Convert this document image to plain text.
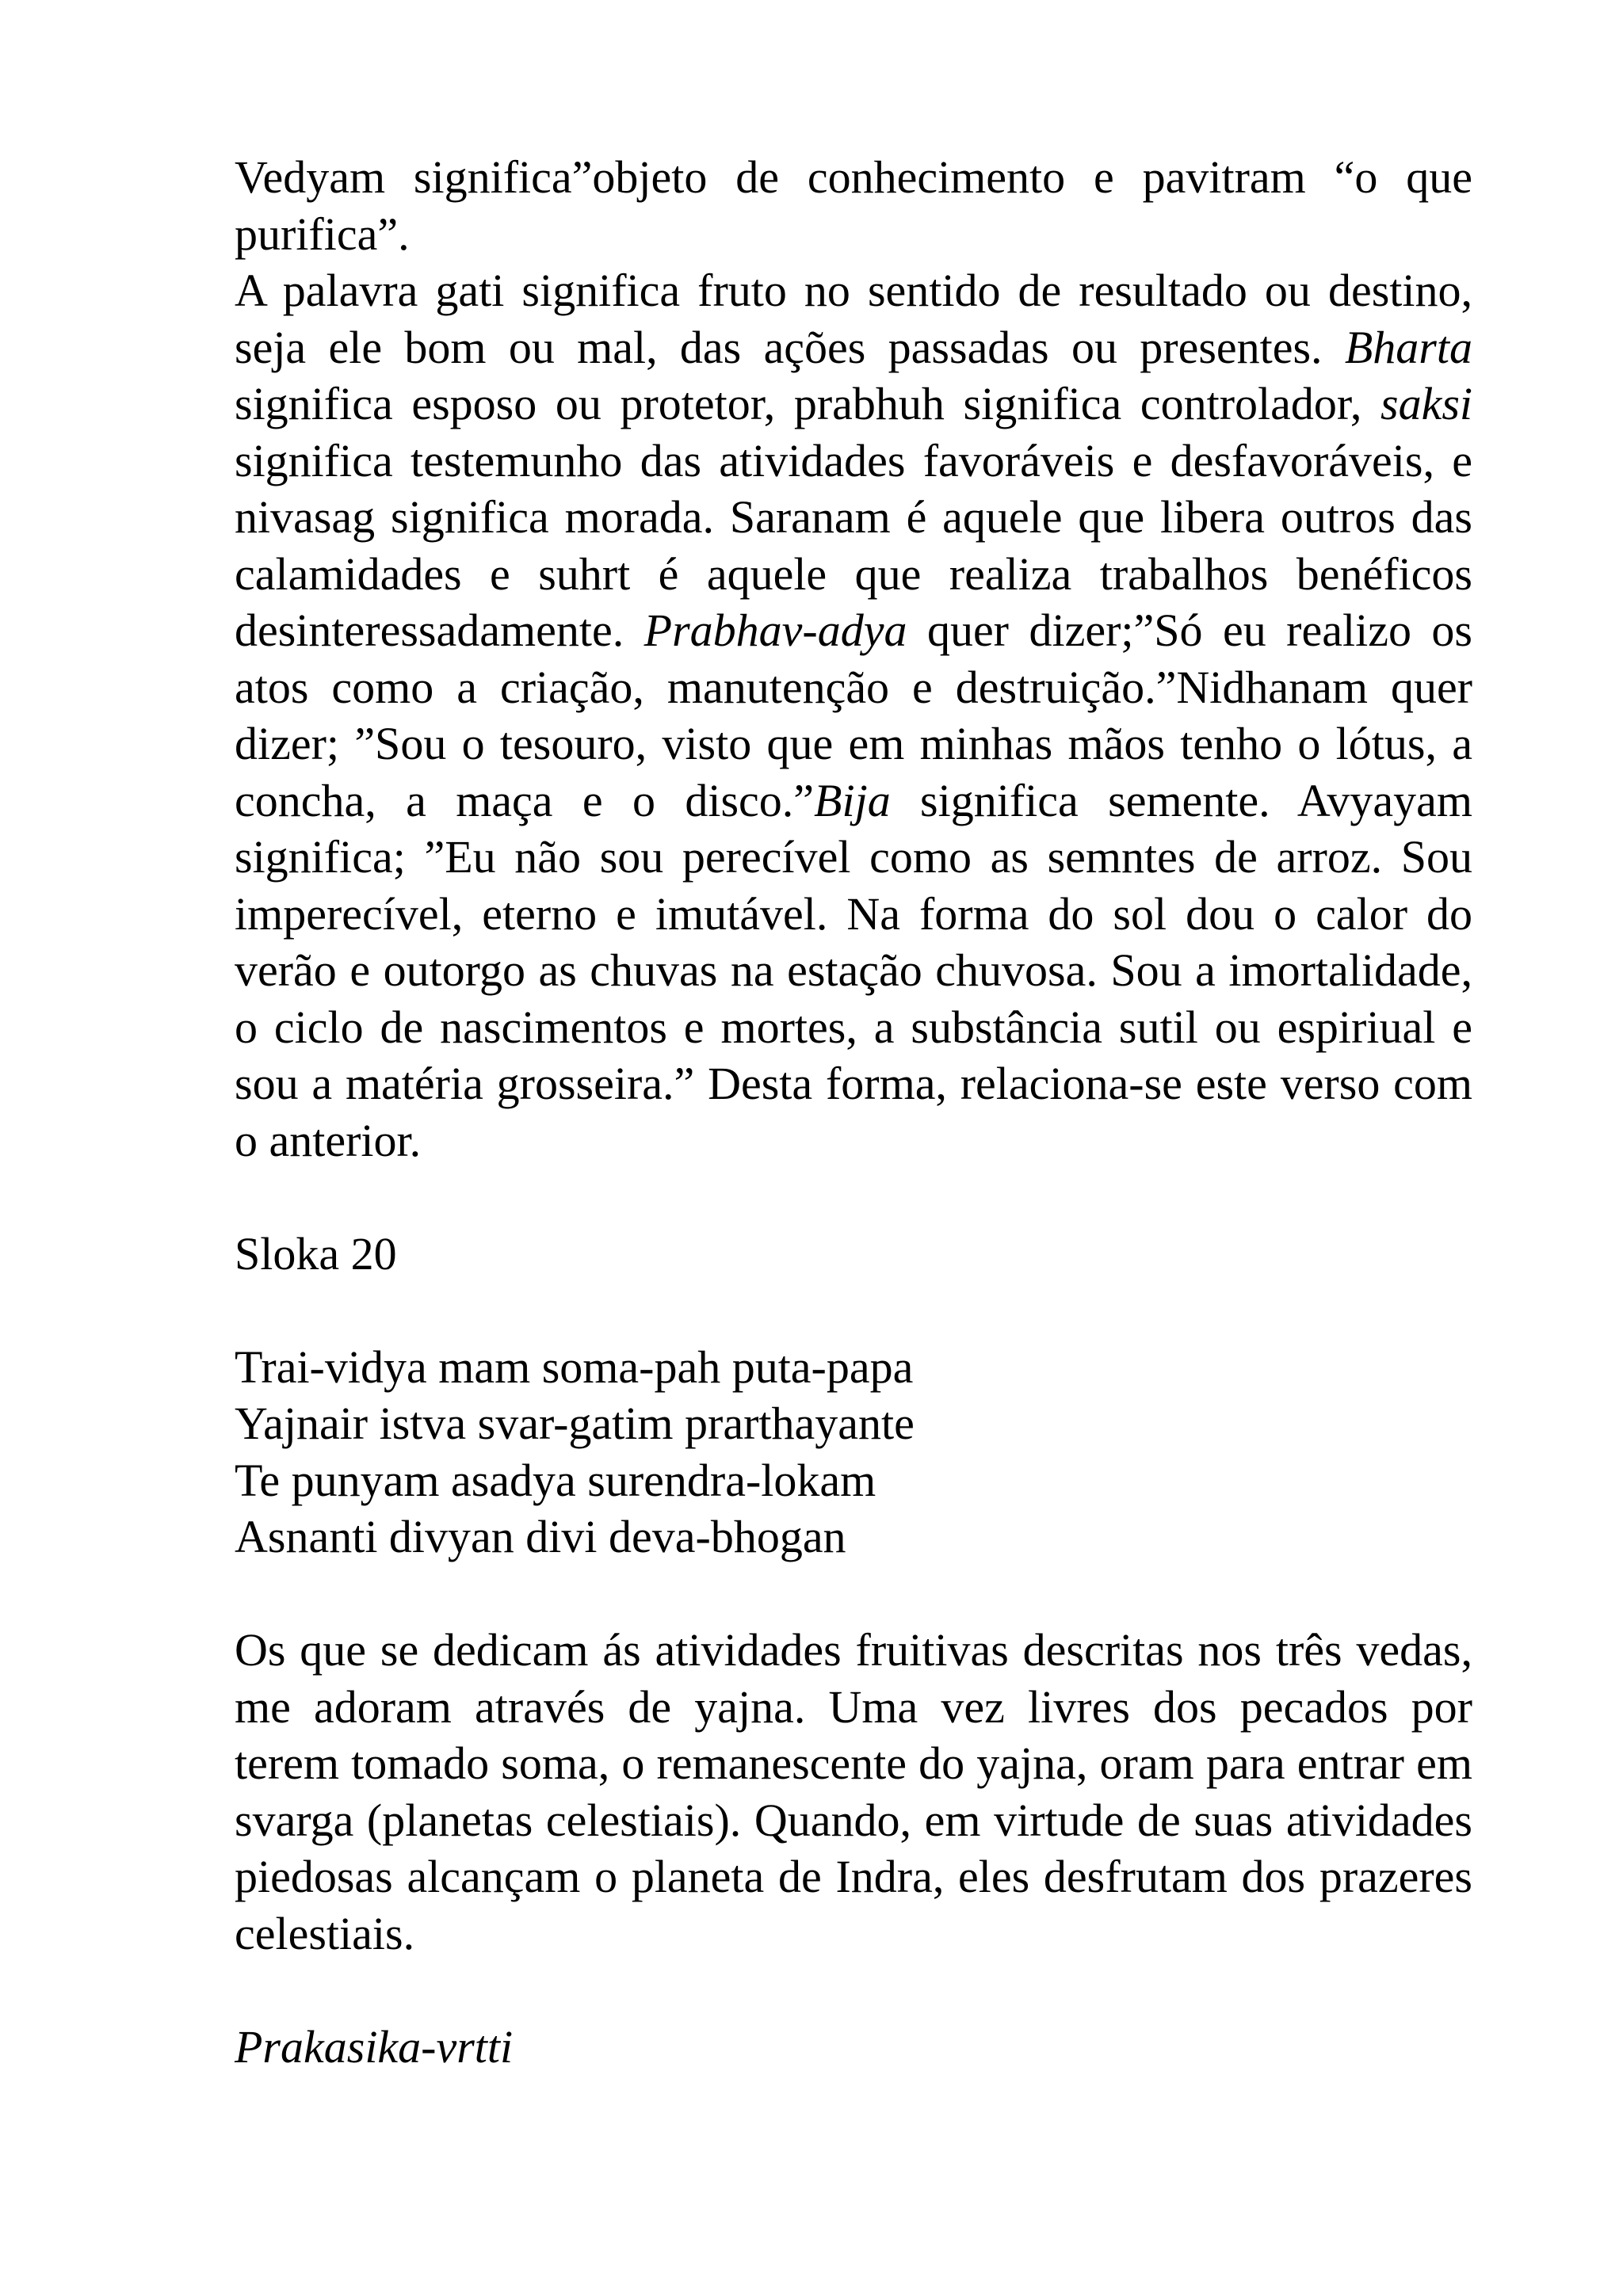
Vedyam significa”objeto de conhecimento e pavitram “o que purifica”.

A palavra gati significa fruto no sentido de resultado ou destino, seja ele bom ou mal, das ações passadas ou presentes. Bharta significa esposo ou protetor, prabhuh significa controlador, saksi significa testemunho das atividades favoráveis e desfavoráveis, e nivasag significa morada. Saranam é aquele que libera outros das calamidades e suhrt é aquele que realiza trabalhos benéficos desinteressadamente. Prabhav-adya quer dizer;”Só eu realizo os atos como a criação, manutenção e destruição.”Nidhanam quer dizer; ”Sou o tesouro, visto que em minhas mãos tenho o lótus, a concha, a maça e o disco.”Bija significa semente. Avyayam significa; ”Eu não sou perecível como as semntes de arroz. Sou imperecível, eterno e imutável. Na forma do sol dou o calor do verão e outorgo as chuvas na estação chuvosa. Sou a imortalidade, o ciclo de nascimentos e mortes, a substância sutil ou espiriual e sou a matéria grosseira.” Desta forma, relaciona-se este verso com o anterior.

Sloka 20

Trai-vidya mam soma-pah puta-papa

Yajnair istva svar-gatim prarthayante

Te punyam asadya surendra-lokam

Asnanti divyan divi deva-bhogan

Os que se dedicam ás atividades fruitivas descritas nos três vedas, me adoram através de yajna. Uma vez livres dos pecados por terem tomado soma, o remanescente do yajna, oram para entrar em svarga (planetas celestiais). Quando, em virtude de suas atividades piedosas alcançam o planeta de Indra, eles desfrutam dos prazeres celestiais.

Prakasika-vrtti
